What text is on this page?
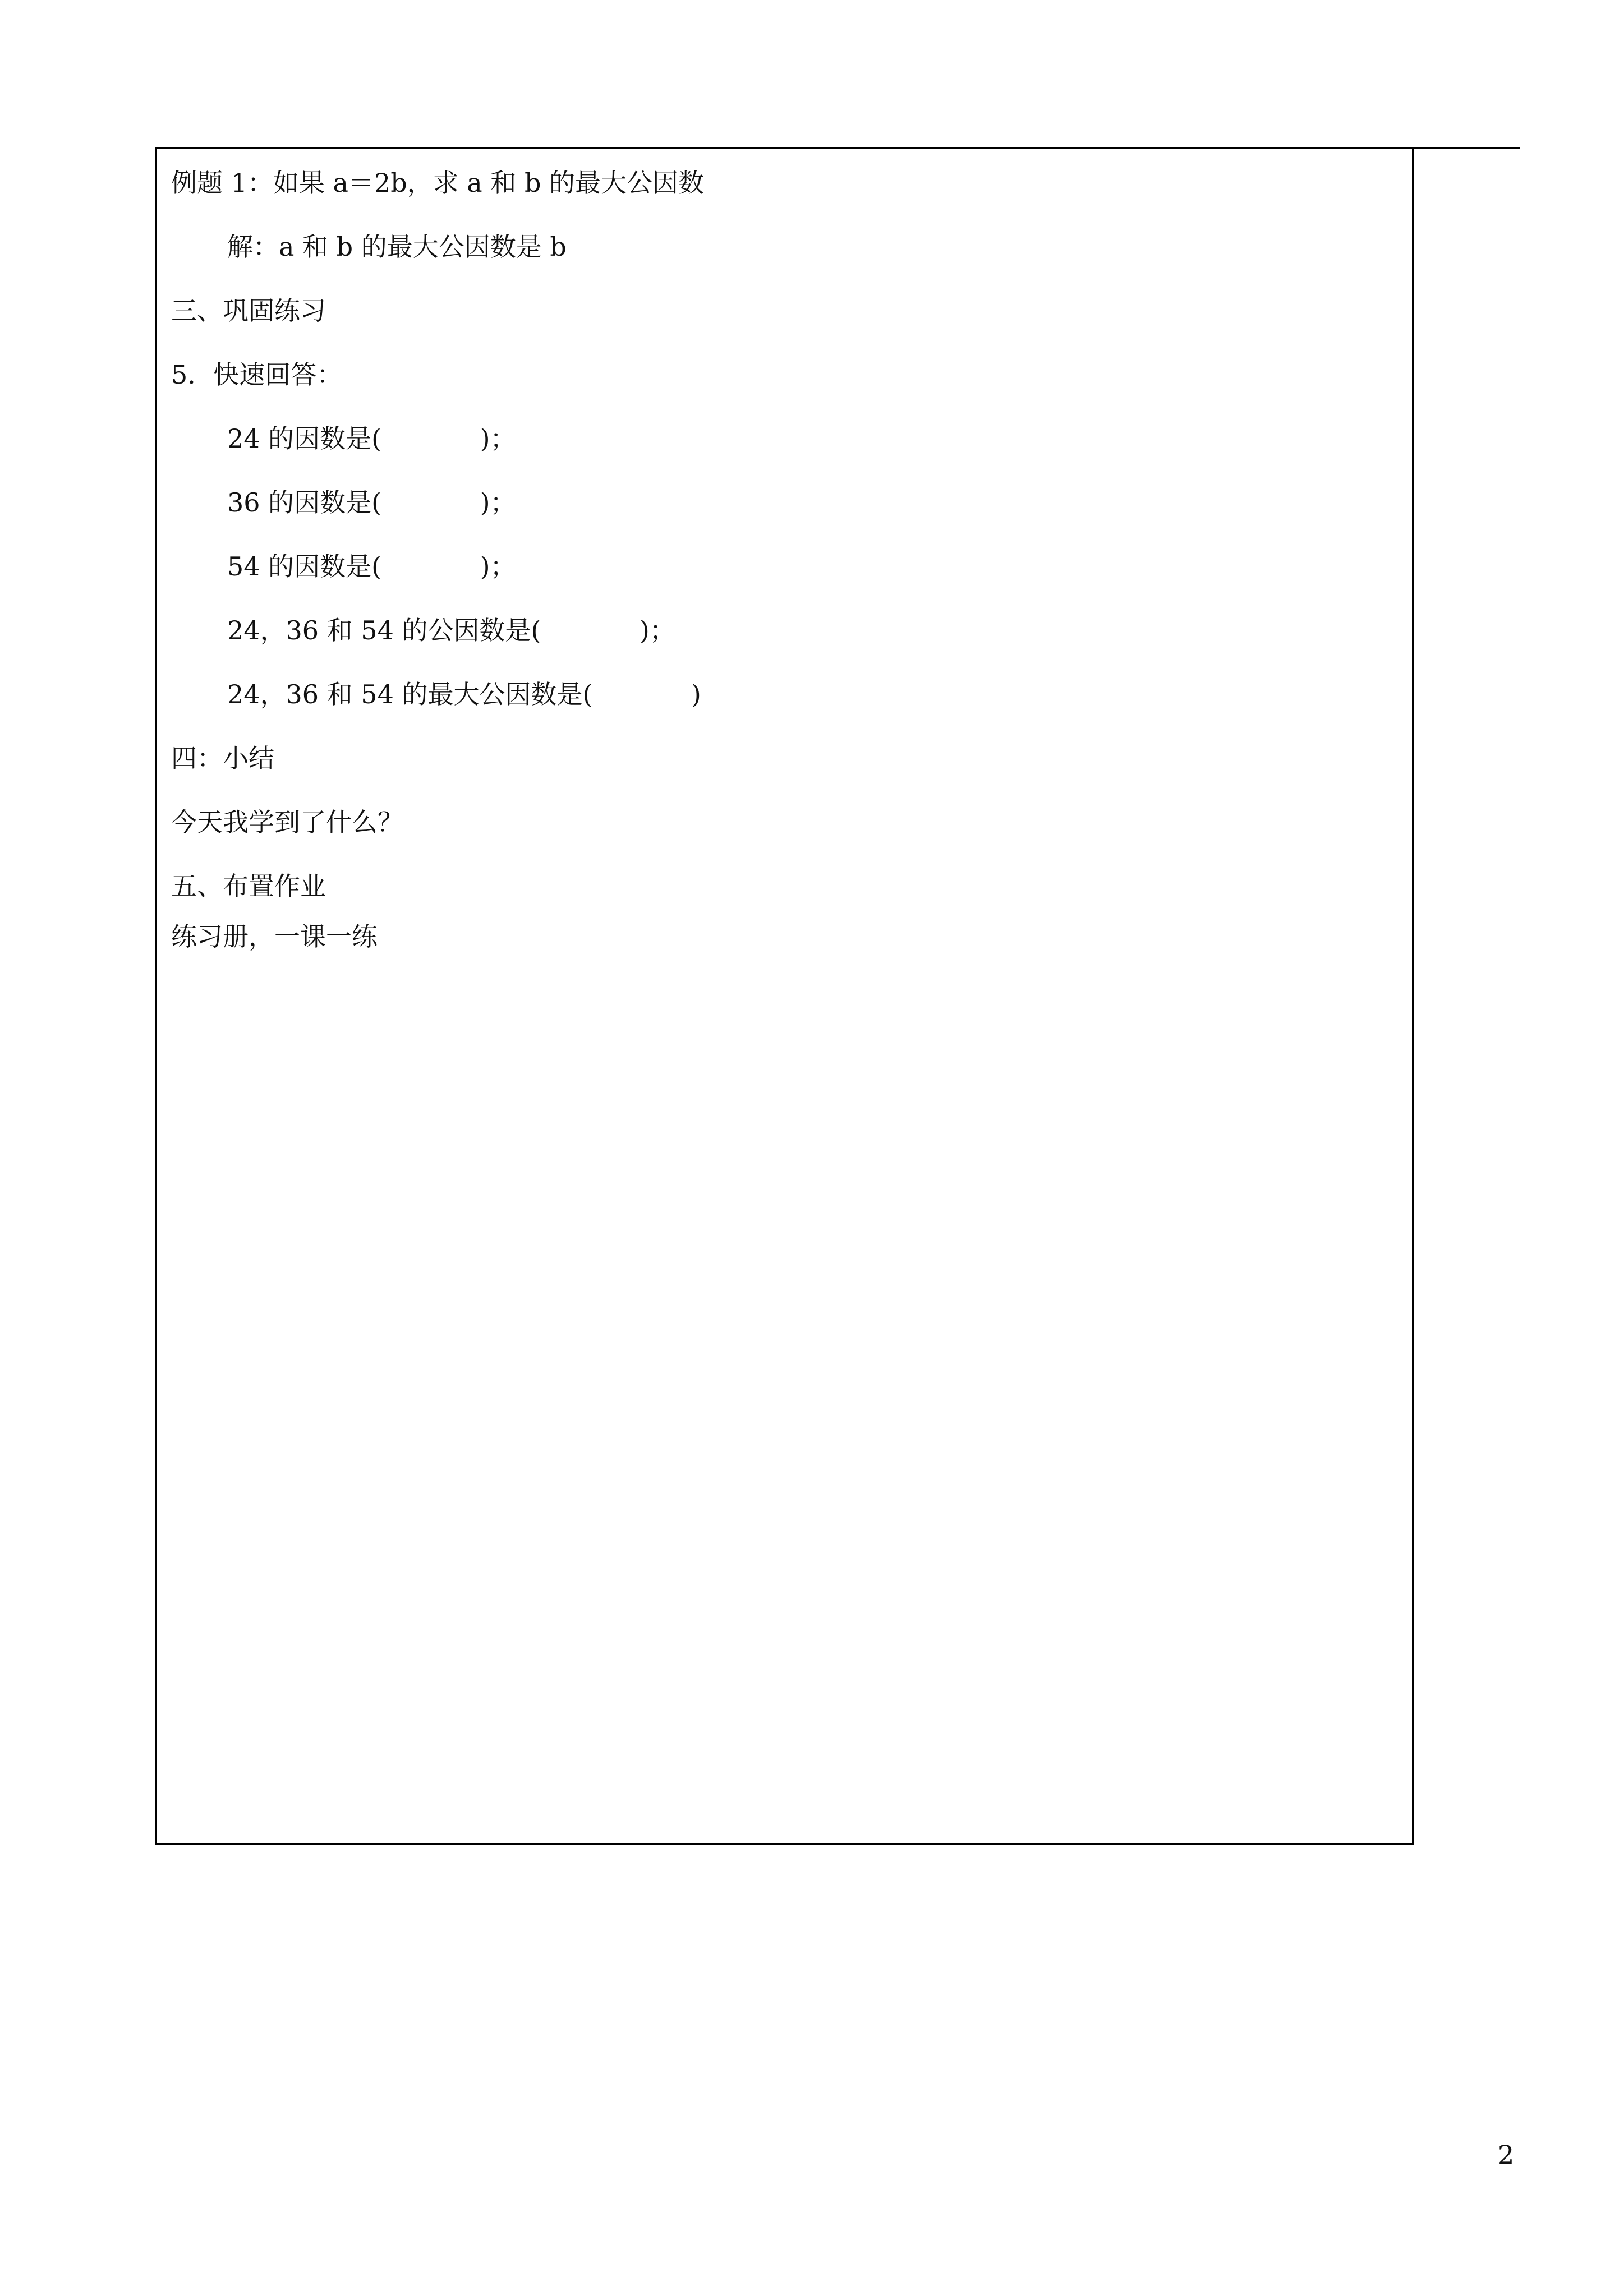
例题 1：如果 a＝2b，求 a 和 b 的最大公因数
解：a 和 b 的最大公因数是 b
三、巩固练习
5．快速回答：
24 的因数是(            )；
36 的因数是(            )；
54 的因数是(            )；
24，36 和 54 的公因数是(            )；
24，36 和 54 的最大公因数是(            )
四：小结
今天我学到了什么？
五、布置作业
练习册，一课一练
2
